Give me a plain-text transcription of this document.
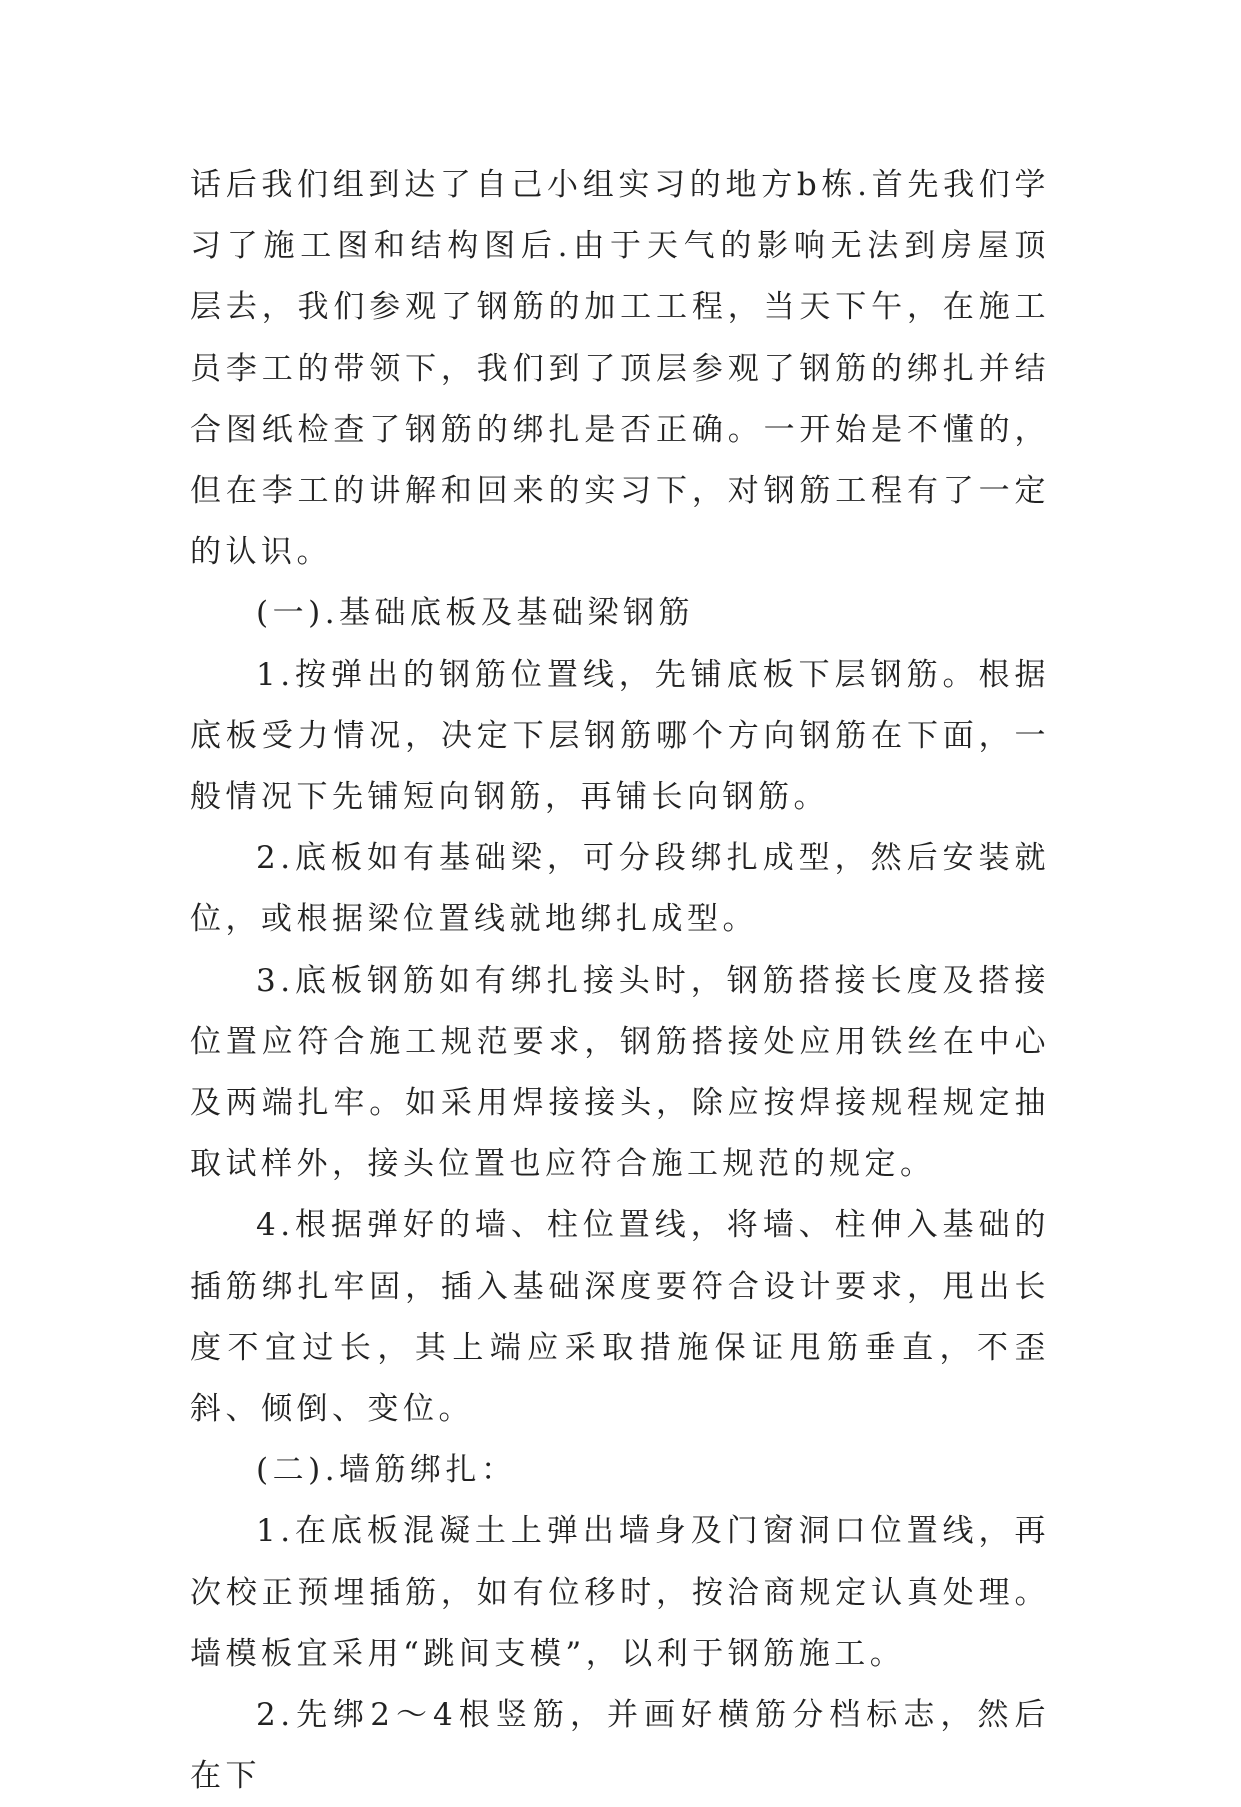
话后我们组到达了自己小组实习的地方b栋.首先我们学习了施工图和结构图后.由于天气的影响无法到房屋顶层去，我们参观了钢筋的加工工程，当天下午，在施工员李工的带领下，我们到了顶层参观了钢筋的绑扎并结合图纸检查了钢筋的绑扎是否正确。一开始是不懂的，但在李工的讲解和回来的实习下，对钢筋工程有了一定的认识。

(一).基础底板及基础梁钢筋

1.按弹出的钢筋位置线，先铺底板下层钢筋。根据底板受力情况，决定下层钢筋哪个方向钢筋在下面，一般情况下先铺短向钢筋，再铺长向钢筋。

2.底板如有基础梁，可分段绑扎成型，然后安装就位，或根据梁位置线就地绑扎成型。

3.底板钢筋如有绑扎接头时，钢筋搭接长度及搭接位置应符合施工规范要求，钢筋搭接处应用铁丝在中心及两端扎牢。如采用焊接接头，除应按焊接规程规定抽取试样外，接头位置也应符合施工规范的规定。

4.根据弹好的墙、柱位置线，将墙、柱伸入基础的插筋绑扎牢固，插入基础深度要符合设计要求，甩出长度不宜过长，其上端应采取措施保证甩筋垂直，不歪斜、倾倒、变位。

(二).墙筋绑扎：

1.在底板混凝土上弹出墙身及门窗洞口位置线，再次校正预埋插筋，如有位移时，按洽商规定认真处理。墙模板宜采用“跳间支模”，以利于钢筋施工。

2.先绑2～4根竖筋，并画好横筋分档标志，然后在下
